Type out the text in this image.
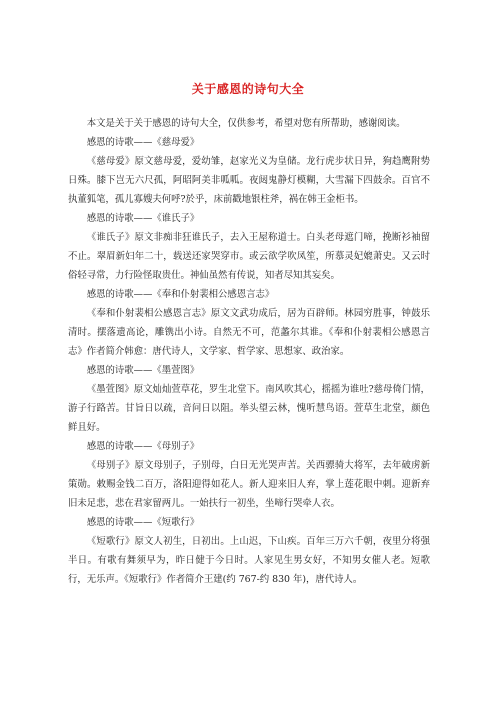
关于感恩的诗句大全

本文是关于关于感恩的诗句大全，仅供参考，希望对您有所帮助，感谢阅读。

感恩的诗歌——《慈母爱》

《慈母爱》原文慈母爱，爱幼雏，赵家光义为皇储。龙行虎步状日异，狗趋鹰附势日殊。膝下岂无六尺孤，阿昭阿美非呱呱。夜闼鬼静灯模糊，大雪漏下四鼓余。百官不执董狐笔，孤儿寡嫂夫何呼?於乎，床前戳地银柱斧，祸在韩王金柜书。

感恩的诗歌——《谁氏子》

《谁氏子》原文非痴非狂谁氏子，去入王屋称道士。白头老母遮门啼，挽断衫袖留不止。翠眉新妇年二十，载送还家哭穿市。或云欲学吹凤笙，所慕灵妃媲萧史。又云时俗轻寻常，力行险怪取贵仕。神仙虽然有传说，知者尽知其妄矣。

感恩的诗歌——《奉和仆射裴相公感恩言志》

《奉和仆射裴相公感恩言志》原文文武功成后，居为百辟师。林园穷胜事，钟鼓乐清时。摆落遗高论，雕镌出小诗。自然无不可，范蠡尔其谁。《奉和仆射裴相公感恩言志》作者简介韩愈：唐代诗人，文学家、哲学家、思想家、政治家。

感恩的诗歌——《墨萱图》

《墨萱图》原文灿灿萱草花，罗生北堂下。南风吹其心，摇摇为谁吐?慈母倚门情，游子行路苦。甘旨日以疏，音问日以阻。举头望云林，愧听慧鸟语。萱草生北堂，颜色鲜且好。

感恩的诗歌——《母别子》

《母别子》原文母别子，子别母，白日无光哭声苦。关西骠骑大将军，去年破虏新策勋。敕赐金钱二百万，洛阳迎得如花人。新人迎来旧人弃，掌上莲花眼中刺。迎新弃旧未足悲，悲在君家留两儿。一始扶行一初坐，坐啼行哭牵人衣。

感恩的诗歌——《短歌行》

《短歌行》原文人初生，日初出。上山迟，下山疾。百年三万六千朝，夜里分将强半日。有歌有舞须早为，昨日健于今日时。人家见生男女好，不知男女催人老。短歌行，无乐声。《短歌行》作者简介王建(约 767-约 830 年)，唐代诗人。
